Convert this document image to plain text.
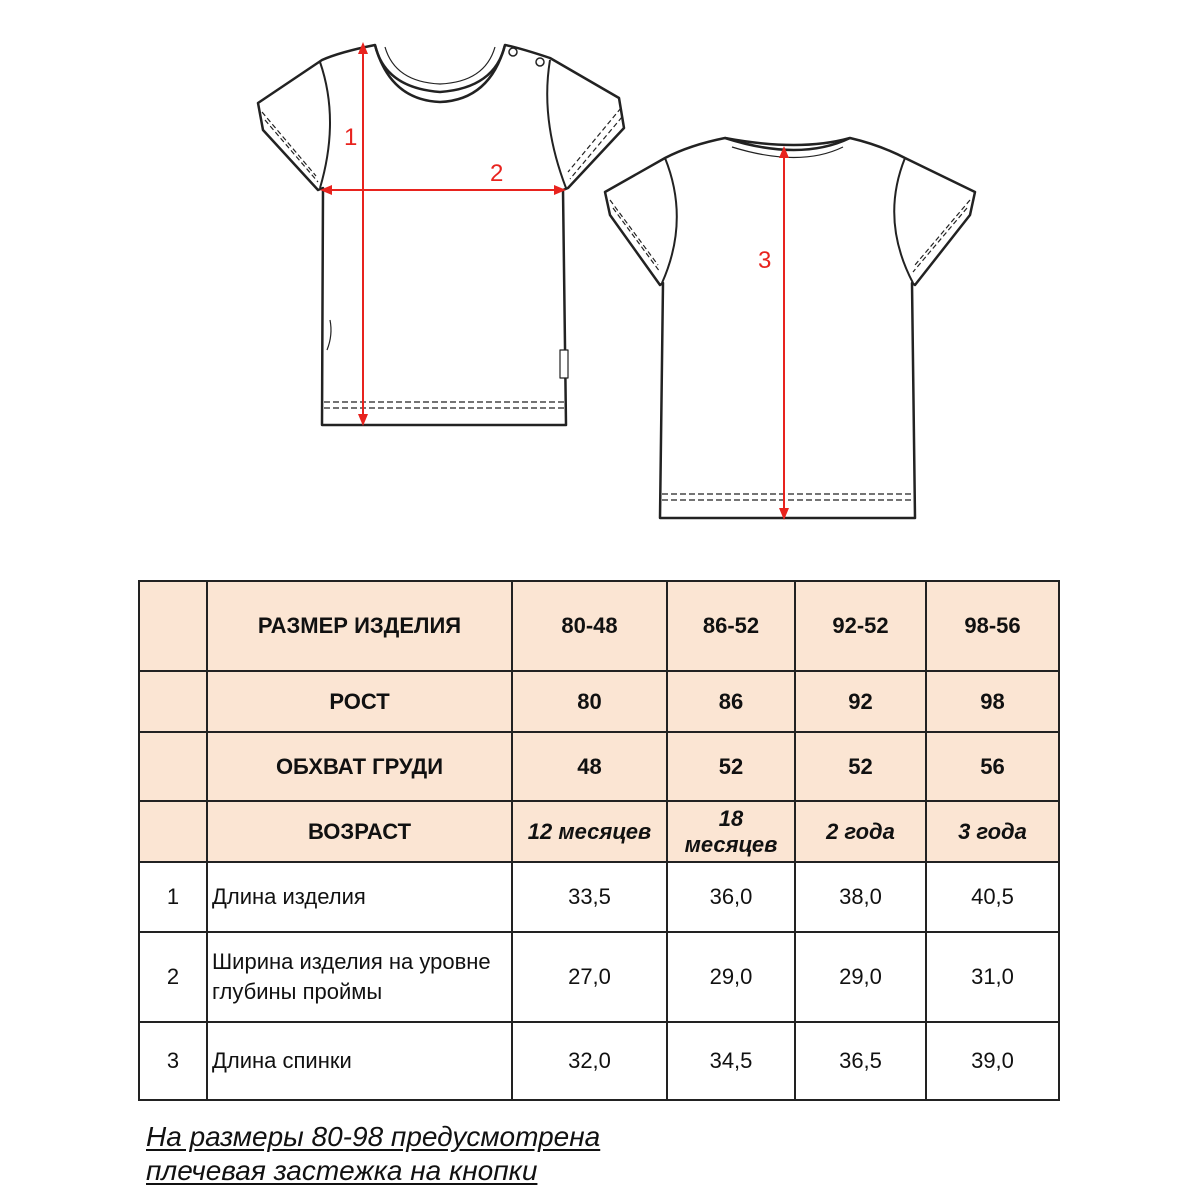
1
2
3
	РАЗМЕР ИЗДЕЛИЯ	80-48	86-52	92-52	98-56
	РОСТ	80	86	92	98
	ОБХВАТ ГРУДИ	48	52	52	56
	ВОЗРАСТ	12 месяцев	18 месяцев	2 года	3 года
1	Длина изделия	33,5	36,0	38,0	40,5
2	Ширина изделия на уровне глубины проймы	27,0	29,0	29,0	31,0
3	Длина спинки	32,0	34,5	36,5	39,0
На размеры 80-98 предусмотрена
плечевая застежка на кнопки
